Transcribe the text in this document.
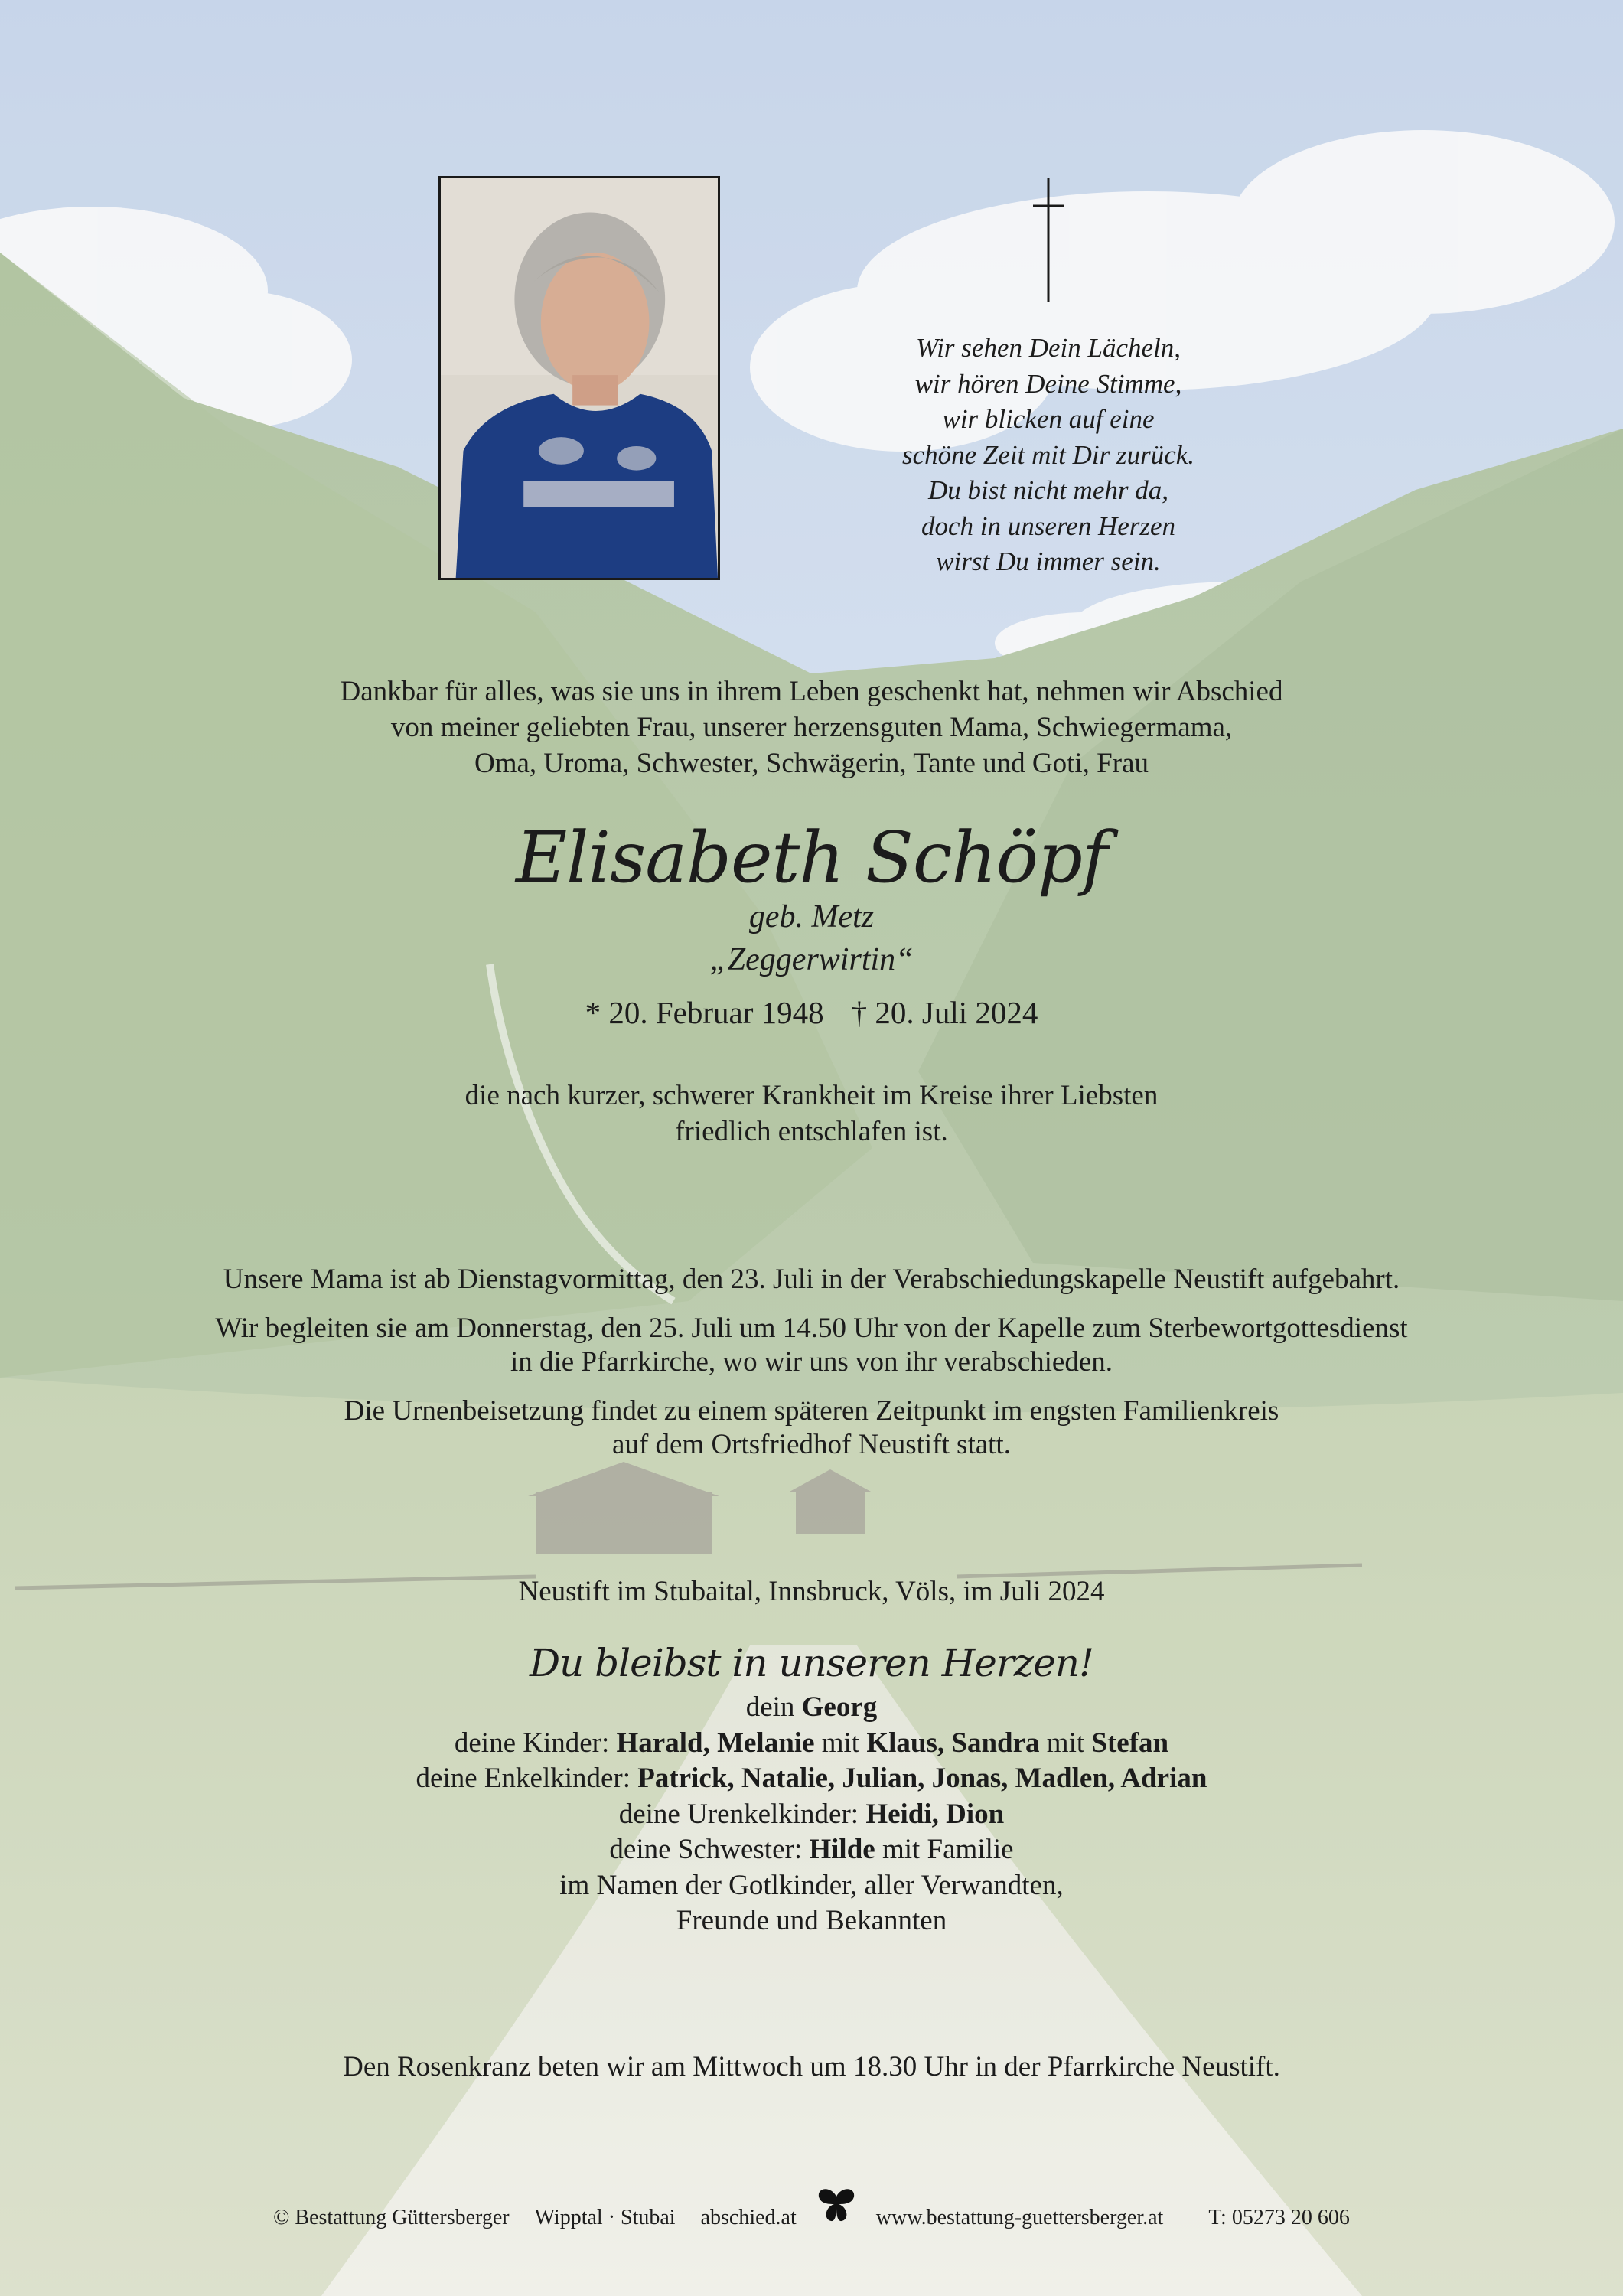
Wir sehen Dein Lächeln,
wir hören Deine Stimme,
wir blicken auf eine
schöne Zeit mit Dir zurück.
Du bist nicht mehr da,
doch in unseren Herzen
wirst Du immer sein.
Dankbar für alles, was sie uns in ihrem Leben geschenkt hat, nehmen wir Abschied
von meiner geliebten Frau, unserer herzensguten Mama, Schwiegermama,
Oma, Uroma, Schwester, Schwägerin, Tante und Goti, Frau
Elisabeth Schöpf
geb. Metz
„Zeggerwirtin“
* 20. Februar 1948 † 20. Juli 2024
die nach kurzer, schwerer Krankheit im Kreise ihrer Liebsten
friedlich entschlafen ist.
Unsere Mama ist ab Dienstagvormittag, den 23. Juli in der Verabschiedungskapelle Neustift aufgebahrt.
Wir begleiten sie am Donnerstag, den 25. Juli um 14.50 Uhr von der Kapelle zum Sterbewortgottesdienst
in die Pfarrkirche, wo wir uns von ihr verabschieden.
Die Urnenbeisetzung findet zu einem späteren Zeitpunkt im engsten Familienkreis
auf dem Ortsfriedhof Neustift statt.
Neustift im Stubaital, Innsbruck, Völs, im Juli 2024
Du bleibst in unseren Herzen!
dein Georg
deine Kinder: Harald, Melanie mit Klaus, Sandra mit Stefan
deine Enkelkinder: Patrick, Natalie, Julian, Jonas, Madlen, Adrian
deine Urenkelkinder: Heidi, Dion
deine Schwester: Hilde mit Familie
im Namen der Gotlkinder, aller Verwandten,
Freunde und Bekannten
Den Rosenkranz beten wir am Mittwoch um 18.30 Uhr in der Pfarrkirche Neustift.
© Bestattung Güttersberger Wipptal · Stubai abschied.at	www.bestattung-guettersberger.at T: 05273 20 606
